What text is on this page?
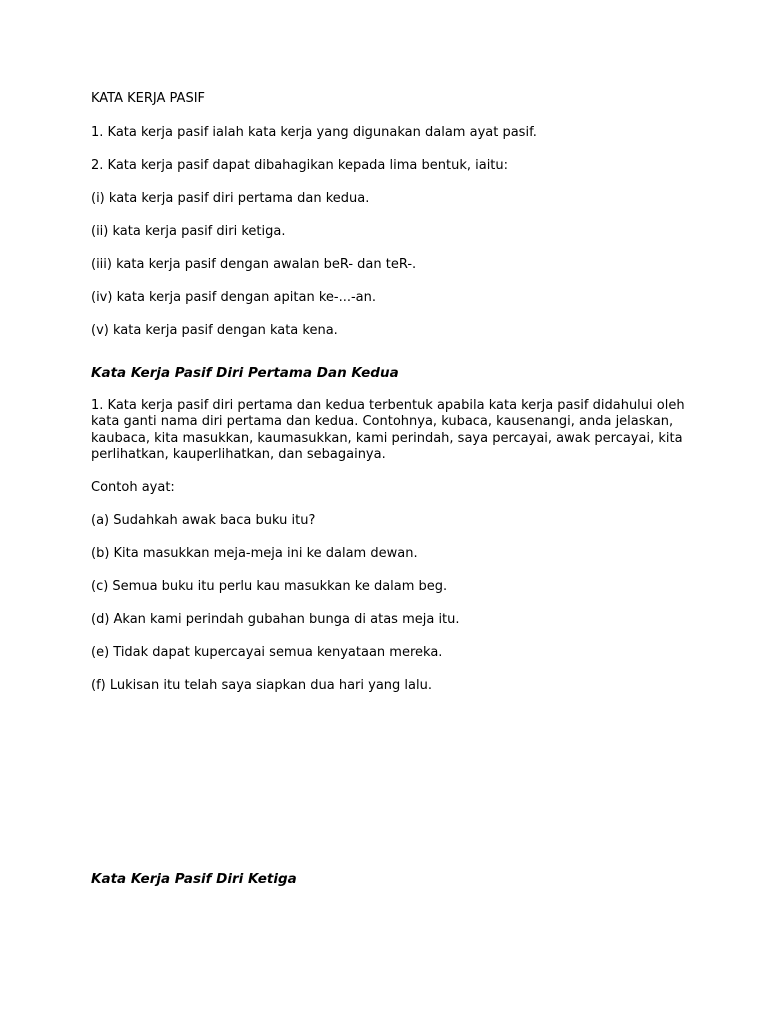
KATA KERJA PASIF

1. Kata kerja pasif ialah kata kerja yang digunakan dalam ayat pasif.

2. Kata kerja pasif dapat dibahagikan kepada lima bentuk, iaitu:

(i) kata kerja pasif diri pertama dan kedua.

(ii) kata kerja pasif diri ketiga.

(iii) kata kerja pasif dengan awalan beR- dan teR-.

(iv) kata kerja pasif dengan apitan ke-...-an.

(v) kata kerja pasif dengan kata kena.

Kata Kerja Pasif Diri Pertama Dan Kedua

1. Kata kerja pasif diri pertama dan kedua terbentuk apabila kata kerja pasif didahului oleh kata ganti nama diri pertama dan kedua. Contohnya, kubaca, kausenangi, anda jelaskan, kaubaca, kita masukkan, kaumasukkan, kami perindah, saya percayai, awak percayai, kita perlihatkan, kauperlihatkan, dan sebagainya.

Contoh ayat:

(a) Sudahkah awak baca buku itu?

(b) Kita masukkan meja-meja ini ke dalam dewan.

(c) Semua buku itu perlu kau masukkan ke dalam beg.

(d) Akan kami perindah gubahan bunga di atas meja itu.

(e) Tidak dapat kupercayai semua kenyataan mereka.

(f) Lukisan itu telah saya siapkan dua hari yang lalu.

Kata Kerja Pasif Diri Ketiga
